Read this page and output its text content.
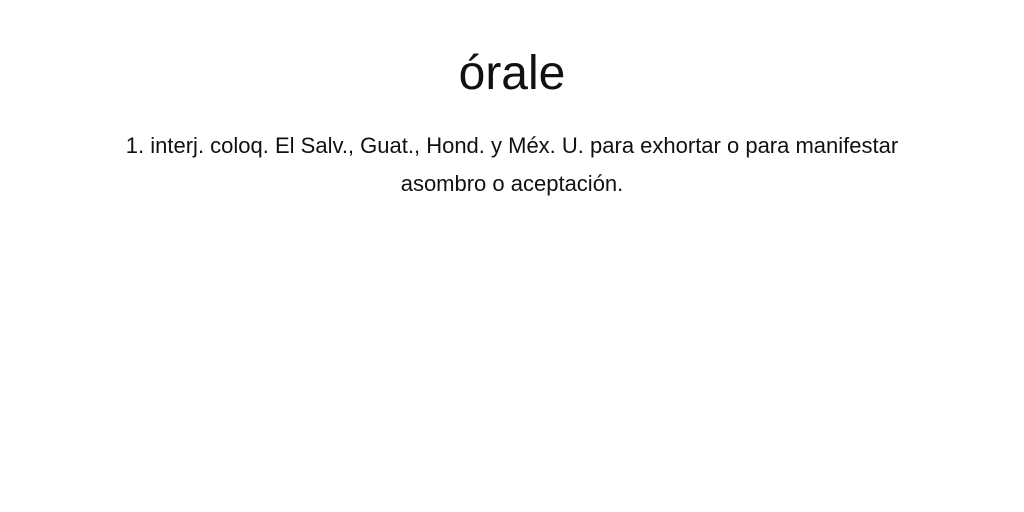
órale

1. interj. coloq. El Salv., Guat., Hond. y Méx. U. para exhortar o para manifestar asombro o aceptación.
